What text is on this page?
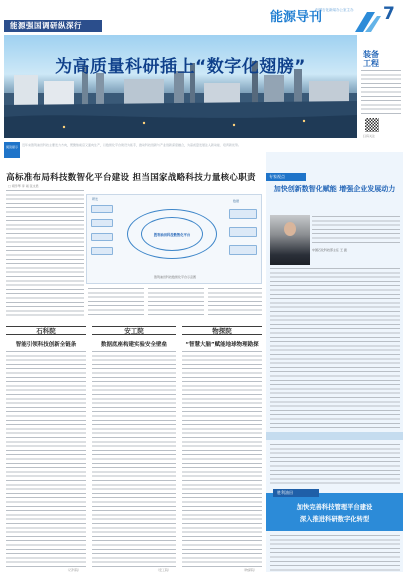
能源强国调研纵深行
能源导刊
中国石化新闻办公室主办	7
为高质量科研插上“数字化翅膀”
阅读提示	近年来胜利油田科技主要发力方向，既聚焦前沿又面向生产，以数智化平台建设为抓手，推动科技创新与产业创新深度融合，为高质量发展注入新动能、培育新优势。
装备
工程
扫码关注
高标准布局科技数智化平台建设 担当国家战略科技力量核心职责
□ 胡学琴 李 雨 张文君
研发
胜利油田科技数智化平台
数据
胜利油田科技数智化平台示意图
石科院	安工院	物探院
智能引领科技创新全链条	数据底座构建实验安全壁垒	“智慧大脑”赋能地球物理勘探
（石科院）	（安工院）	（物探院）
专家视点
加快创新数智化赋能 增强企业发展动力
中国石化科技部主任 王 振
胜利油田
加快完善科技管理平台建设
深入推进科研数字化转型
